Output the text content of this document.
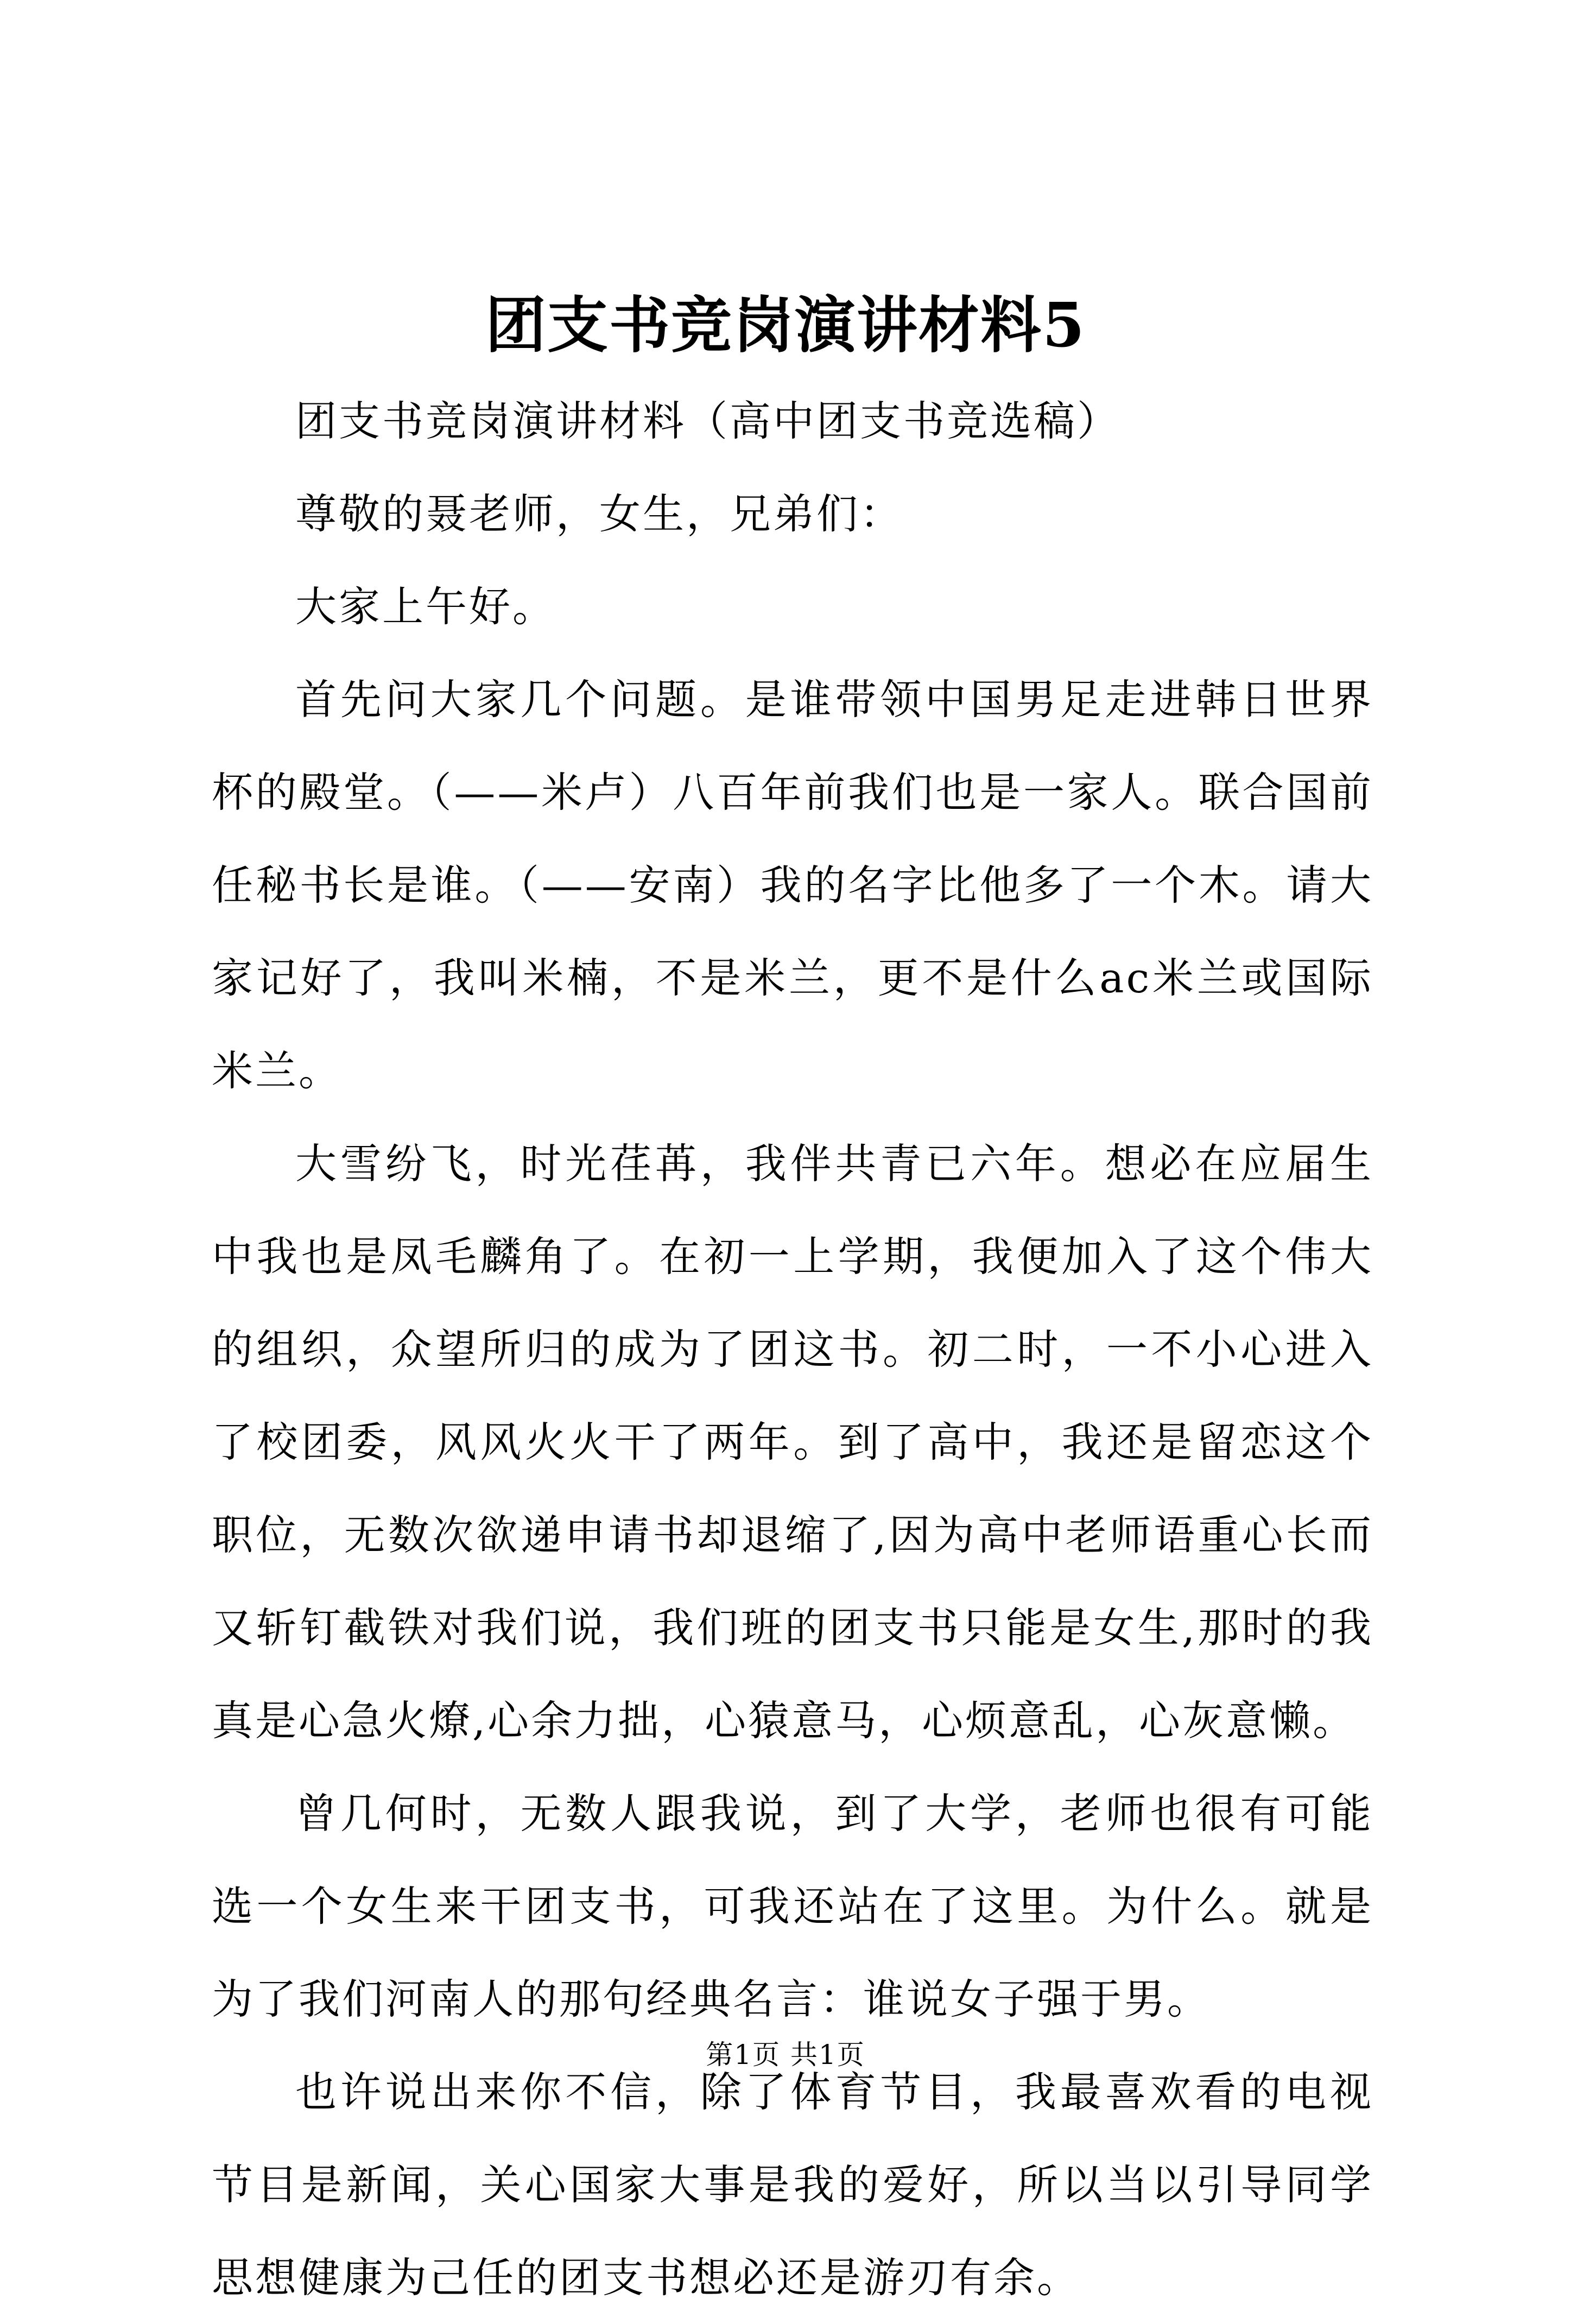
团支书竞岗演讲材料5

团支书竞岗演讲材料（高中团支书竞选稿）

尊敬的聂老师，女生，兄弟们：

大家上午好。

首先问大家几个问题。是谁带领中国男足走进韩日世界杯的殿堂。（——米卢）八百年前我们也是一家人。联合国前任秘书长是谁。（——安南）我的名字比他多了一个木。请大家记好了，我叫米楠，不是米兰，更不是什么ac米兰或国际米兰。

大雪纷飞，时光荏苒，我伴共青已六年。想必在应届生中我也是凤毛麟角了。在初一上学期，我便加入了这个伟大的组织，众望所归的成为了团这书。初二时，一不小心进入了校团委，风风火火干了两年。到了高中，我还是留恋这个职位，无数次欲递申请书却退缩了,因为高中老师语重心长而又斩钉截铁对我们说，我们班的团支书只能是女生,那时的我真是心急火燎,心余力拙，心猿意马，心烦意乱，心灰意懒。

曾几何时，无数人跟我说，到了大学，老师也很有可能选一个女生来干团支书，可我还站在了这里。为什么。就是为了我们河南人的那句经典名言：谁说女子强于男。

也许说出来你不信，除了体育节目，我最喜欢看的电视节目是新闻，关心国家大事是我的爱好，所以当以引导同学思想健康为己任的团支书想必还是游刃有余。

第1页 共1页
